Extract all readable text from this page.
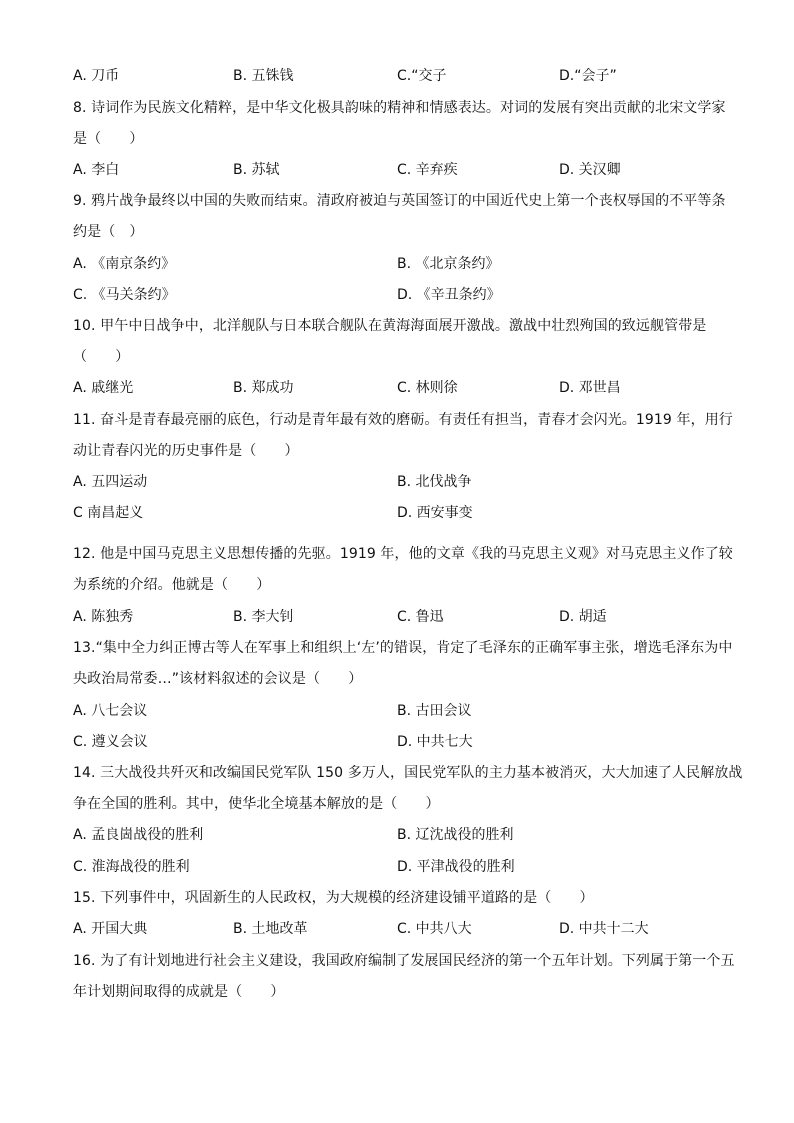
A. 刀币	B. 五铢钱	C.“交子	D.“会子”
8. 诗词作为民族文化精粹，是中华文化极具韵味的精神和情感表达。对词的发展有突出贡献的北宋文学家
是（　　）
A. 李白	B. 苏轼	C. 辛弃疾	D. 关汉卿
9. 鸦片战争最终以中国的失败而结束。清政府被迫与英国签订的中国近代史上第一个丧权辱国的不平等条
约是（　）
A. 《南京条约》	B. 《北京条约》
C. 《马关条约》	D. 《辛丑条约》
10. 甲午中日战争中，北洋舰队与日本联合舰队在黄海海面展开激战。激战中壮烈殉国的致远舰管带是
（　　）
A. 戚继光	B. 郑成功	C. 林则徐	D. 邓世昌
11. 奋斗是青春最亮丽的底色，行动是青年最有效的磨砺。有责任有担当，青春才会闪光。1919 年，用行
动让青春闪光的历史事件是（　　）
A. 五四运动	B. 北伐战争
C 南昌起义	D. 西安事变
12. 他是中国马克思主义思想传播的先驱。1919 年，他的文章《我的马克思主义观》对马克思主义作了较
为系统的介绍。他就是（　　）
A. 陈独秀	B. 李大钊	C. 鲁迅	D. 胡适
13.“集中全力纠正博古等人在军事上和组织上‘左’的错误，肯定了毛泽东的正确军事主张，增选毛泽东为中
央政治局常委…”该材料叙述的会议是（　　）
A. 八七会议	B. 古田会议
C. 遵义会议	D. 中共七大
14. 三大战役共歼灭和改编国民党军队 150 多万人，国民党军队的主力基本被消灭，大大加速了人民解放战
争在全国的胜利。其中，使华北全境基本解放的是（　　）
A. 孟良崮战役的胜利	B. 辽沈战役的胜利
C. 淮海战役的胜利	D. 平津战役的胜利
15. 下列事件中，巩固新生的人民政权，为大规模的经济建设铺平道路的是（　　）
A. 开国大典	B. 土地改革	C. 中共八大	D. 中共十二大
16. 为了有计划地进行社会主义建设，我国政府编制了发展国民经济的第一个五年计划。下列属于第一个五
年计划期间取得的成就是（　　）
